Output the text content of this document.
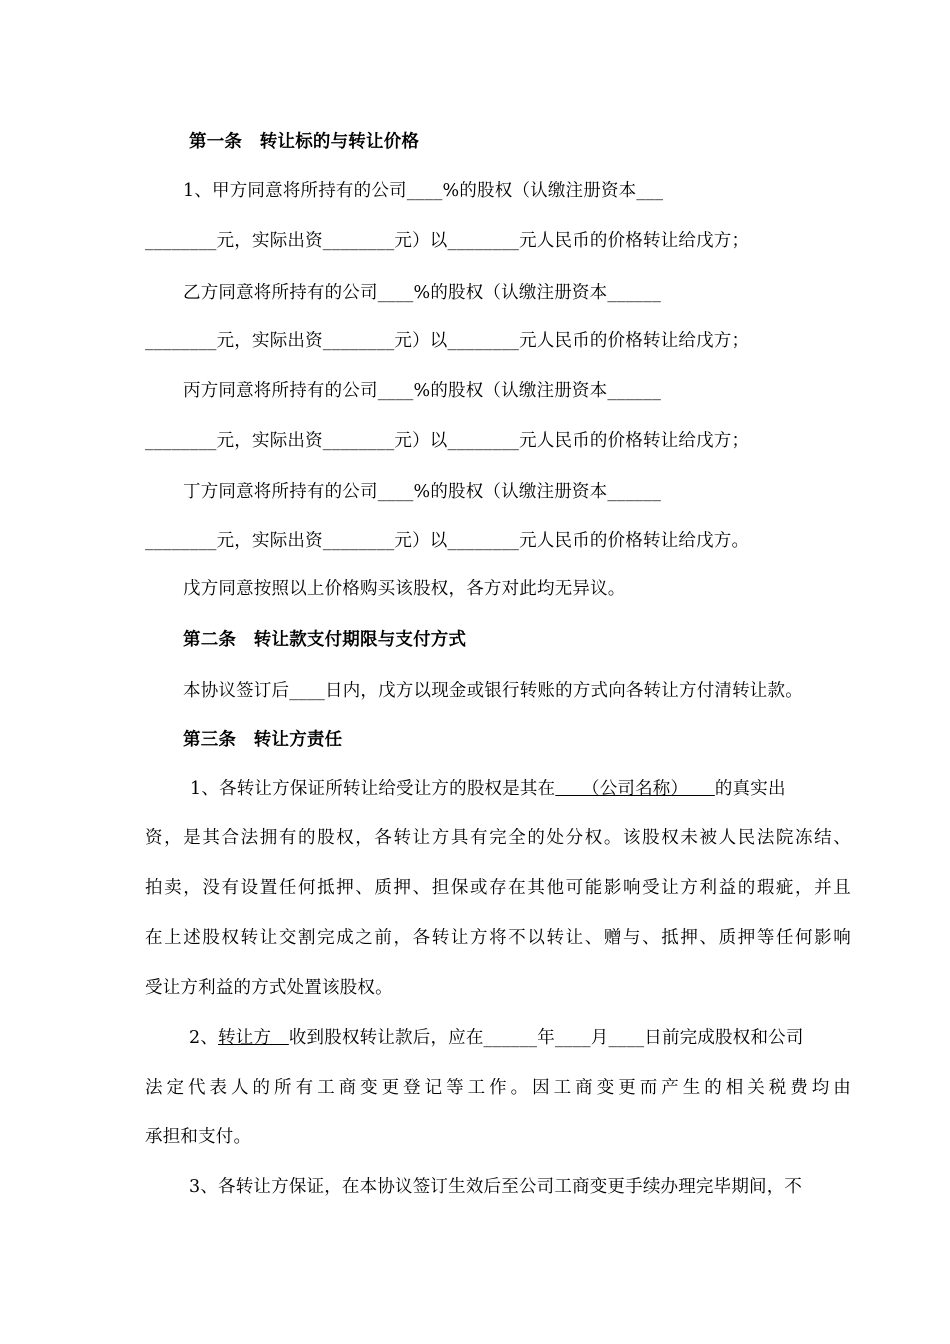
第一条　转让标的与转让价格

1、甲方同意将所持有的公司____%的股权（认缴注册资本___

________元，实际出资________元）以________元人民币的价格转让给戊方；

乙方同意将所持有的公司____%的股权（认缴注册资本______

________元，实际出资________元）以________元人民币的价格转让给戊方；

丙方同意将所持有的公司____%的股权（认缴注册资本______

________元，实际出资________元）以________元人民币的价格转让给戊方；

丁方同意将所持有的公司____%的股权（认缴注册资本______

________元，实际出资________元）以________元人民币的价格转让给戊方。

戊方同意按照以上价格购买该股权，各方对此均无异议。

第二条　转让款支付期限与支付方式

本协议签订后____日内，戊方以现金或银行转账的方式向各转让方付清转让款。

第三条　转让方责任

1、各转让方保证所转让给受让方的股权是其在　　（公司名称）　　的真实出

资，是其合法拥有的股权，各转让方具有完全的处分权。该股权未被人民法院冻结、

拍卖，没有设置任何抵押、质押、担保或存在其他可能影响受让方利益的瑕疵，并且

在上述股权转让交割完成之前，各转让方将不以转让、赠与、抵押、质押等任何影响

受让方利益的方式处置该股权。

2、转让方　收到股权转让款后，应在______年____月____日前完成股权和公司

法定代表人的所有工商变更登记等工作。因工商变更而产生的相关税费均由

承担和支付。

3、各转让方保证，在本协议签订生效后至公司工商变更手续办理完毕期间，不
